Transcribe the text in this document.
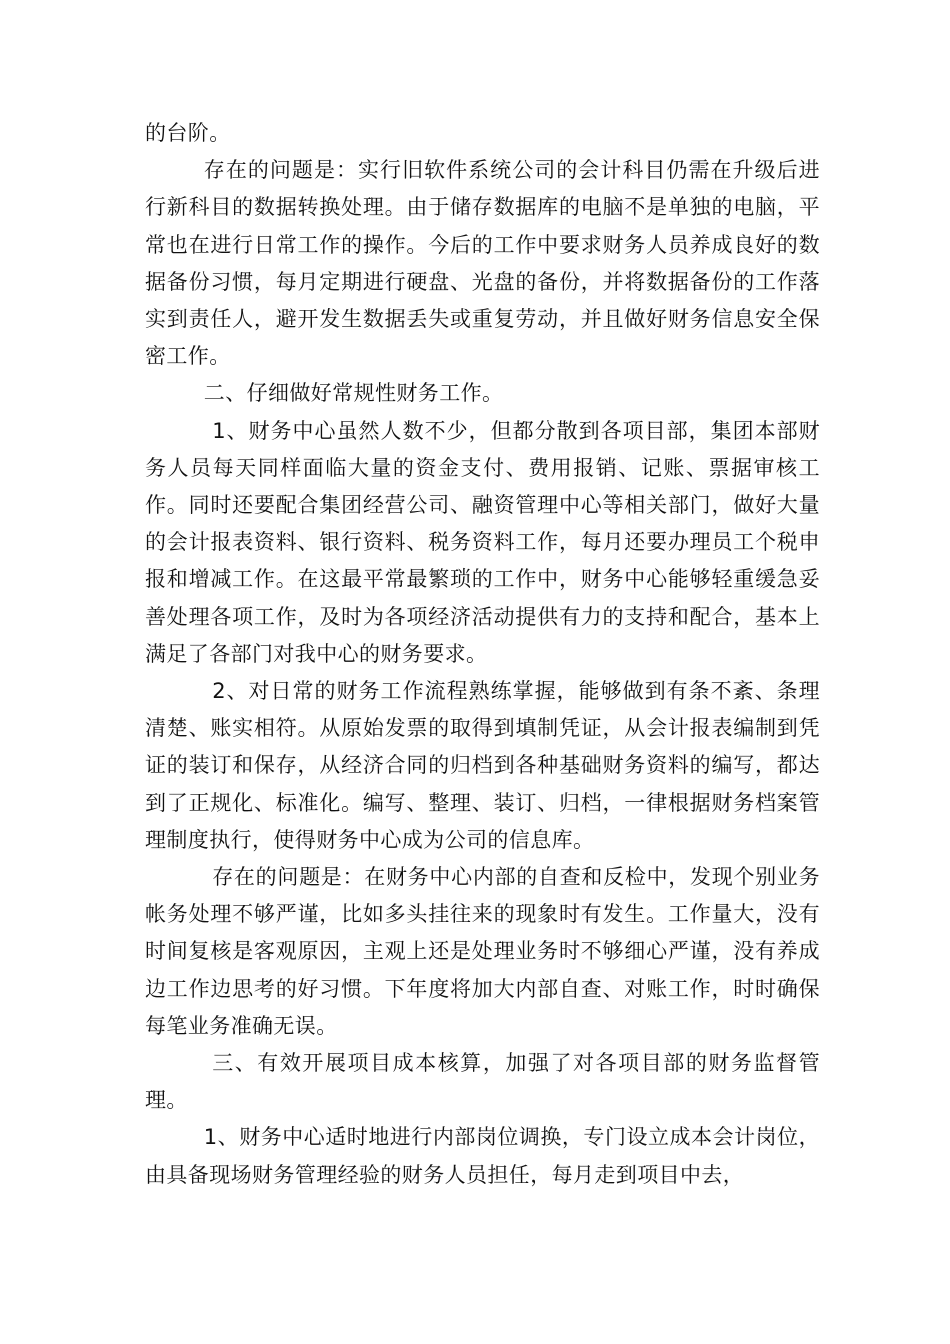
的台阶。

存在的问题是：实行旧软件系统公司的会计科目仍需在升级后进行新科目的数据转换处理。由于储存数据库的电脑不是单独的电脑，平常也在进行日常工作的操作。今后的工作中要求财务人员养成良好的数据备份习惯，每月定期进行硬盘、光盘的备份，并将数据备份的工作落实到责任人，避开发生数据丢失或重复劳动，并且做好财务信息安全保密工作。

二、仔细做好常规性财务工作。

1、财务中心虽然人数不少，但都分散到各项目部，集团本部财务人员每天同样面临大量的资金支付、费用报销、记账、票据审核工作。同时还要配合集团经营公司、融资管理中心等相关部门，做好大量的会计报表资料、银行资料、税务资料工作，每月还要办理员工个税申报和增减工作。在这最平常最繁琐的工作中，财务中心能够轻重缓急妥善处理各项工作，及时为各项经济活动提供有力的支持和配合，基本上满足了各部门对我中心的财务要求。

2、对日常的财务工作流程熟练掌握，能够做到有条不紊、条理清楚、账实相符。从原始发票的取得到填制凭证，从会计报表编制到凭证的装订和保存，从经济合同的归档到各种基础财务资料的编写，都达到了正规化、标准化。编写、整理、装订、归档，一律根据财务档案管理制度执行，使得财务中心成为公司的信息库。

存在的问题是：在财务中心内部的自查和反检中，发现个别业务帐务处理不够严谨，比如多头挂往来的现象时有发生。工作量大，没有时间复核是客观原因，主观上还是处理业务时不够细心严谨，没有养成边工作边思考的好习惯。下年度将加大内部自查、对账工作，时时确保每笔业务准确无误。

三、有效开展项目成本核算，加强了对各项目部的财务监督管理。

1、财务中心适时地进行内部岗位调换，专门设立成本会计岗位，由具备现场财务管理经验的财务人员担任，每月走到项目中去，
